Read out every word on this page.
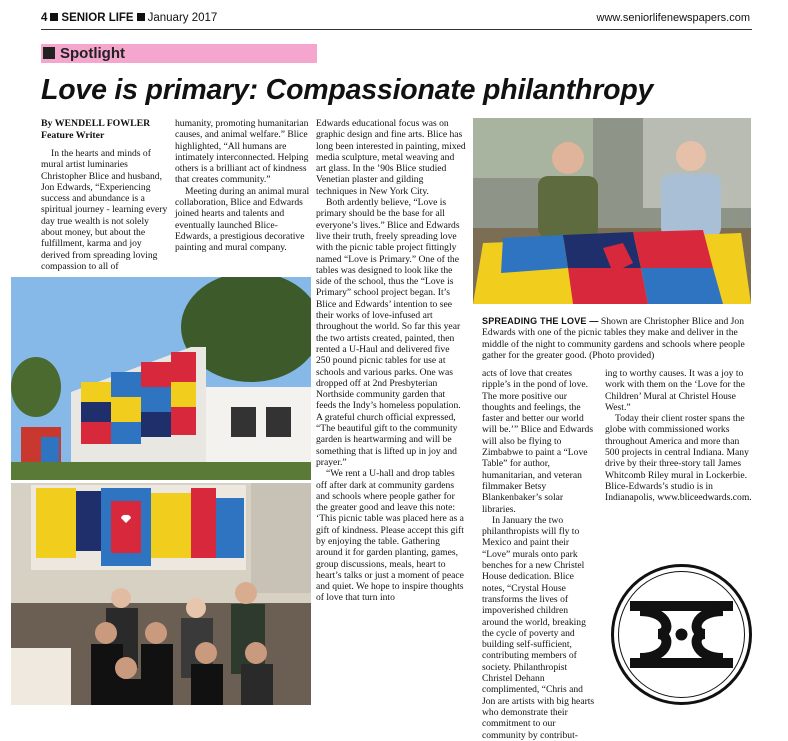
4 SENIOR LIFE January 2017	www.seniorlifenewspapers.com
Spotlight
Love is primary: Compassionate philanthropy
By WENDELL FOWLER
Feature Writer

In the hearts and minds of mural artist luminaries Christopher Blice and husband, Jon Edwards, “Experiencing success and abundance is a spiritual journey - learning every day true wealth is not solely about money, but about the fulfillment, karma and joy derived from spreading loving compassion to all of

humanity, promoting humanitarian causes, and animal welfare.” Blice highlighted, “All humans are intimately interconnected. Helping others is a brilliant act of kindness that creates community.”

Meeting during an animal mural collaboration, Blice and Edwards joined hearts and talents and eventually launched Blice-Edwards, a prestigious decorative painting and mural company.

Edwards educational focus was on graphic design and fine arts. Blice has long been interested in painting, mixed media sculpture, metal weaving and art glass. In the ’90s Blice studied Venetian plaster and gilding techniques in New York City.

Both ardently believe, “Love is primary should be the base for all everyone’s lives.” Blice and Edwards live their truth, freely spreading love with the picnic table project fittingly named “Love is Primary.” One of the tables was designed to look like the side of the school, thus the “Love is Primary” school project began. It’s Blice and Edwards’ intention to see their works of love-infused art throughout the world. So far this year the two artists created, painted, then rented a U-Haul and delivered five 250 pound picnic tables for use at schools and various parks. One was dropped off at 2nd Presbyterian Northside community garden that feeds the Indy’s homeless population. A grateful church official expressed, “The beautiful gift to the community garden is heartwarming and will be something that is lifted up in joy and prayer.”

“We rent a U-hall and drop tables off after dark at community gardens and schools where people gather for the greater good and leave this note: ‘This picnic table was placed here as a gift of kindness. Please accept this gift by enjoying the table. Gathering around it for garden planting, games, group discussions, meals, heart to heart’s talks or just a moment of peace and quiet. We hope to inspire thoughts of love that turn into

SPREADING THE LOVE — Shown are Christopher Blice and Jon Edwards with one of the picnic tables they make and deliver in the middle of the night to community gardens and schools where people gather for the greater good. (Photo provided)

acts of love that creates ripple’s in the pond of love. The more positive our thoughts and feelings, the faster and better our world will be.’” Blice and Edwards will also be flying to Zimbabwe to paint a “Love Table” for author, humanitarian, and veteran filmmaker Betsy Blankenbaker’s solar libraries.

In January the two philanthropists will fly to Mexico and paint their “Love” murals onto park benches for a new Christel House dedication. Blice notes, “Crystal House transforms the lives of impoverished children around the world, breaking the cycle of poverty and building self-sufficient, contributing members of society. Philanthropist Christel Dehann complimented, “Chris and Jon are artists with big hearts who demonstrate their commitment to our community by contribut-

ing to worthy causes. It was a joy to work with them on the ‘Love for the Children’ Mural at Christel House West.”

Today their client roster spans the globe with commissioned works throughout America and more than 500 projects in central Indiana. Many drive by their three-story tall James Whitcomb Riley mural in Lockerbie. Blice-Edwards’s studio is in Indianapolis, www.bliceedwards.com.
